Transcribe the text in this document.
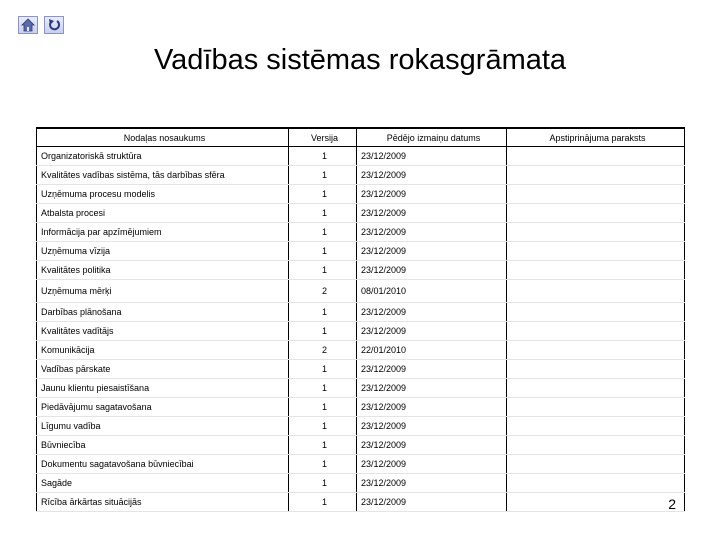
Vadības sistēmas rokasgrāmata
Nodaļas nosaukums	Versija	Pēdējo izmaiņu datums	Apstiprinājuma paraksts
Organizatoriskā struktūra	1	23/12/2009	
Kvalitātes vadības sistēma, tās darbības sfēra	1	23/12/2009	
Uzņēmuma procesu modelis	1	23/12/2009	
Atbalsta procesi	1	23/12/2009	
Informācija par apzīmējumiem	1	23/12/2009	
Uzņēmuma vīzija	1	23/12/2009	
Kvalitātes politika	1	23/12/2009	
Uzņēmuma mērķi	2	08/01/2010	
Darbības plānošana	1	23/12/2009	
Kvalitātes vadītājs	1	23/12/2009	
Komunikācija	2	22/01/2010	
Vadības pārskate	1	23/12/2009	
Jaunu klientu piesaistīšana	1	23/12/2009	
Piedāvājumu sagatavošana	1	23/12/2009	
Līgumu vadība	1	23/12/2009	
Būvniecība	1	23/12/2009	
Dokumentu sagatavošana būvniecībai	1	23/12/2009	
Sagāde	1	23/12/2009	
Rīcība ārkārtas situācijās	1	23/12/2009		2
